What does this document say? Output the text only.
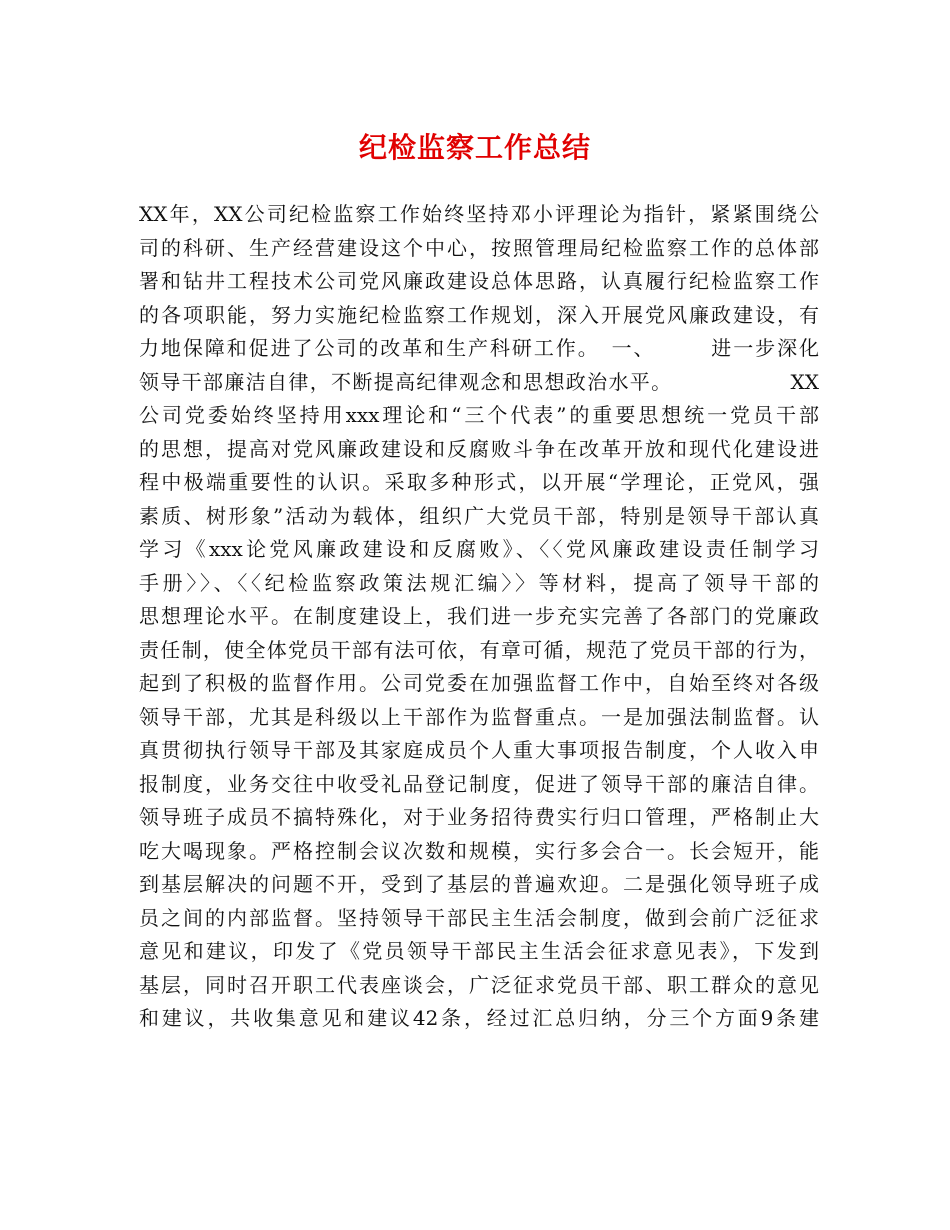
纪检监察工作总结
XX年，XX公司纪检监察工作始终坚持邓小评理论为指针，紧紧围绕公
司的科研、生产经营建设这个中心，按照管理局纪检监察工作的总体部
署和钻井工程技术公司党风廉政建设总体思路，认真履行纪检监察工作
的各项职能，努力实施纪检监察工作规划，深入开展党风廉政建设，有
力地保障和促进了公司的改革和生产科研工作。　一、　　　进一步深化
领导干部廉洁自律，不断提高纪律观念和思想政治水平。　　　　　　XX
公司党委始终坚持用xxx理论和“三个代表”的重要思想统一党员干部
的思想，提高对党风廉政建设和反腐败斗争在改革开放和现代化建设进
程中极端重要性的认识。采取多种形式，以开展“学理论，正党风，强
素质、树形象”活动为载体，组织广大党员干部，特别是领导干部认真
学习《xxx论党风廉政建设和反腐败》、〈〈党风廉政建设责任制学习
手册〉〉、〈〈纪检监察政策法规汇编〉〉等材料，提高了领导干部的
思想理论水平。在制度建设上，我们进一步充实完善了各部门的党廉政
责任制，使全体党员干部有法可依，有章可循，规范了党员干部的行为，
起到了积极的监督作用。公司党委在加强监督工作中，自始至终对各级
领导干部，尤其是科级以上干部作为监督重点。一是加强法制监督。认
真贯彻执行领导干部及其家庭成员个人重大事项报告制度，个人收入申
报制度，业务交往中收受礼品登记制度，促进了领导干部的廉洁自律。
领导班子成员不搞特殊化，对于业务招待费实行归口管理，严格制止大
吃大喝现象。严格控制会议次数和规模，实行多会合一。长会短开，能
到基层解决的问题不开，受到了基层的普遍欢迎。二是强化领导班子成
员之间的内部监督。坚持领导干部民主生活会制度，做到会前广泛征求
意见和建议，印发了《党员领导干部民主生活会征求意见表》，下发到
基层，同时召开职工代表座谈会，广泛征求党员干部、职工群众的意见
和建议，共收集意见和建议42条，经过汇总归纳，分三个方面9条建
